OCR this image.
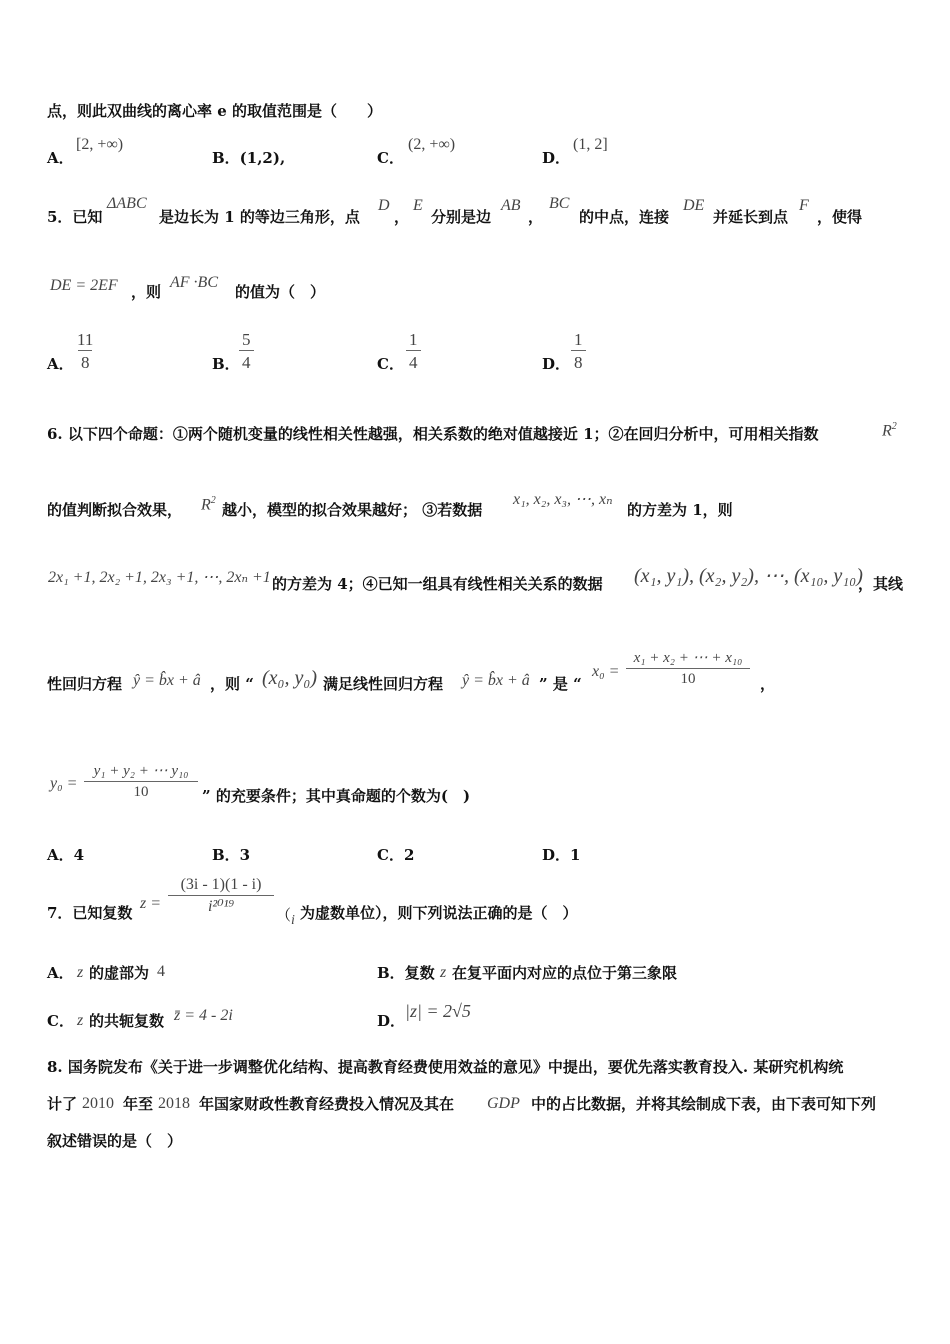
点，则此双曲线的离心率 e 的取值范围是（　　）
A．
[2, +∞)
B．(1,2),	C．
(2, +∞)
D．
(1, 2]
5．已知
ΔABC
是边长为 1 的等边三角形，点
D
，
E
分别是边
AB
，
BC
的中点，连接
DE
并延长到点
F
，使得
DE = 2EF ，则
AF ·BC
的值为（　）
A． $\frac{11}{8}$	B． $\frac{5}{4}$	C． $\frac{1}{4}$	D． $\frac{1}{8}$
6. 以下四个命题：①两个随机变量的线性相关性越强，相关系数的绝对值越接近 1；②在回归分析中，可用相关指数	$R^2$
的值判断拟合效果， $R^2$
越小，模型的拟合效果越好； ③若数据
x₁, x₂, x₃, ⋯, xₙ
的方差为 1，则
2x₁ +1, 2x₂ +1, 2x₃ +1, ⋯, 2xₙ +1 的方差为 4；④已知一组具有线性相关关系的数据 (x₁, y₁), (x₂, y₂), ⋯, (x₁₀, y₁₀)
，其线
性回归方程 ŷ = b̂x + â ，则 “ (x₀, y₀) 满足线性回归方程 ŷ = b̂x + â ” 是 “
$x_0 = \frac{\text{x₁ + x₂ + ⋯ + x₁₀}}{10}$ ，
$y_0 = \frac{\text{y₁ + y₂ + ⋯ y₁₀}}{10}$ ” 的充要条件；其中真命题的个数为(　)
A．4	B．3	C．2	D．1
7．已知复数
$z = \frac{(3i - 1)(1 - i)}{\text{i²⁰¹⁹}}$ （ i 为虚数单位），则下列说法正确的是（　）
A． z 的虚部为 4	B．复数 z 在复平面内对应的点位于第三象限
C． z 的共轭复数 z̄ = 4 - 2i	D． |z| = 2√5
8. 国务院发布《关于进一步调整优化结构、提高教育经费使用效益的意见》中提出，要优先落实教育投入. 某研究机构统
计了 2010 年至 2018 年国家财政性教育经费投入情况及其在 GDP 中的占比数据，并将其绘制成下表，由下表可知下列
叙述错误的是（　）
